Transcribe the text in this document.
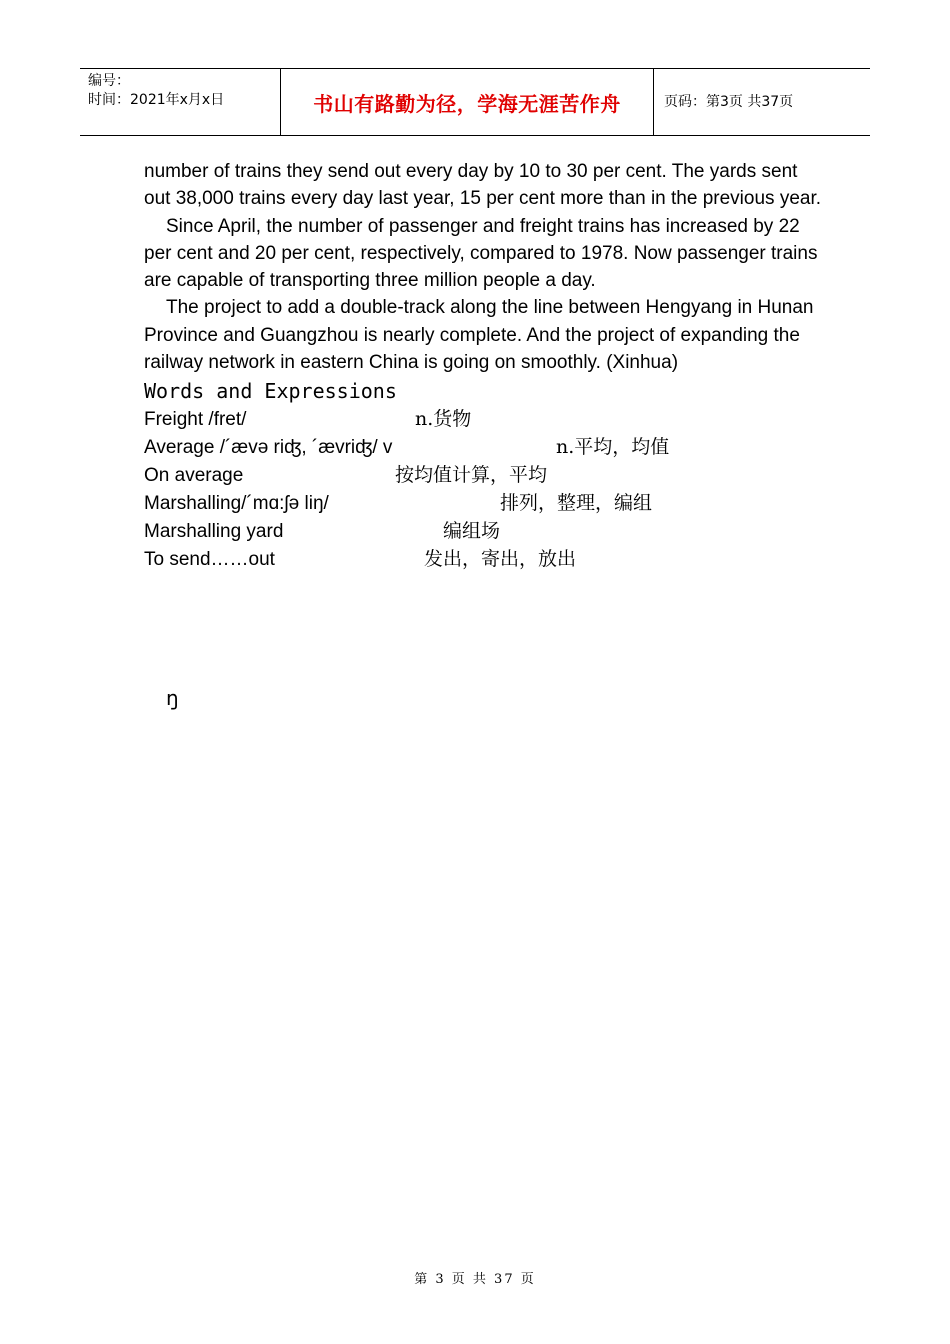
编号：
时间：2021年x月x日	书山有路勤为径，学海无涯苦作舟	页码：第3页 共37页

number of trains they send out every day by 10 to 30 per cent. The yards sent out 38,000 trains every day last year, 15 per cent more than in the previous year.

Since April, the number of passenger and freight trains has increased by 22 per cent and 20 per cent, respectively, compared to 1978. Now passenger trains are capable of transporting three million people a day.

The project to add a double-track along the line between Hengyang in Hunan Province and Guangzhou is nearly complete. And the project of expanding the railway network in eastern China is going on smoothly. (Xinhua)

Words and Expressions
Freight /fret/	n.货物
Average /´ævə riʤ, ´ævriʤ/ v	n.平均，均值
On average	按均值计算，平均
Marshalling/´mɑ:ʃə liŋ/	排列，整理，编组
Marshalling yard	编组场
To send……out	发出，寄出，放出
ŋ
第 3 页 共 37 页
